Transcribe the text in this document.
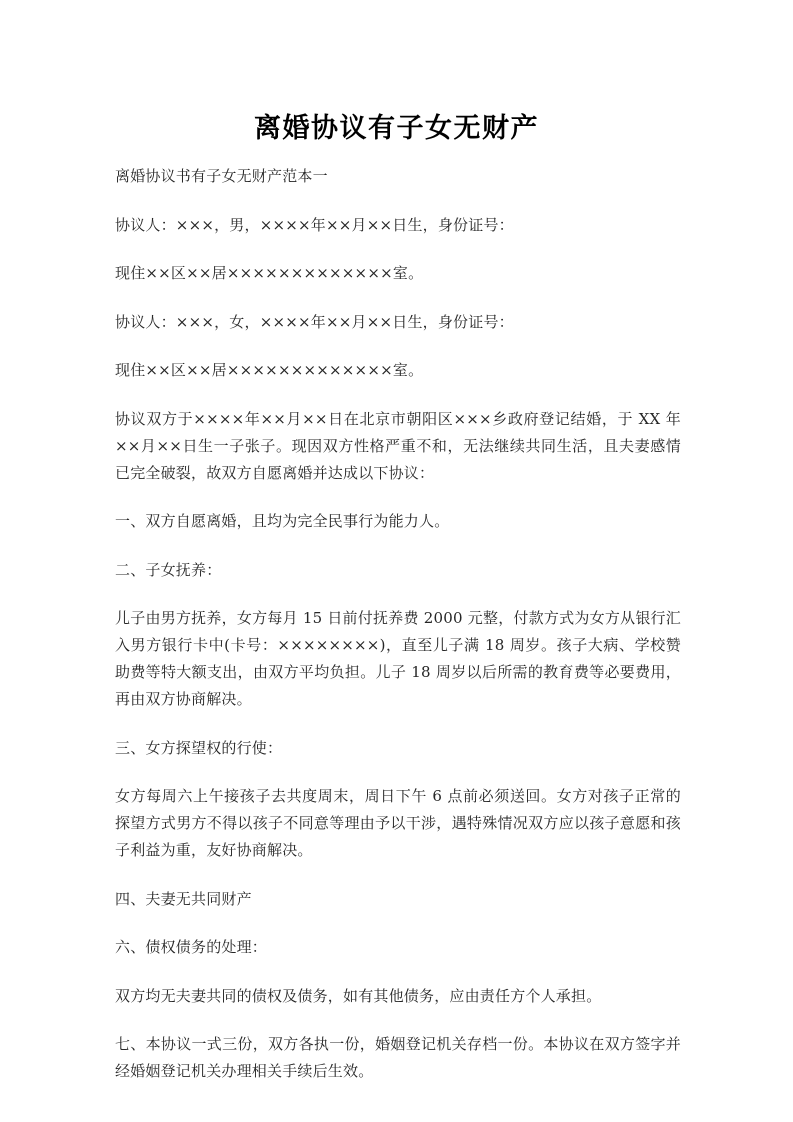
离婚协议有子女无财产

离婚协议书有子女无财产范本一

协议人：×××，男，××××年××月××日生，身份证号：

现住××区××居×××××××××××××室。

协议人：×××，女，××××年××月××日生，身份证号：

现住××区××居×××××××××××××室。

协议双方于××××年××月××日在北京市朝阳区×××乡政府登记结婚，于 XX 年××月××日生一子张子。现因双方性格严重不和，无法继续共同生活，且夫妻感情已完全破裂，故双方自愿离婚并达成以下协议：

一、双方自愿离婚，且均为完全民事行为能力人。

二、子女抚养：

儿子由男方抚养，女方每月 15 日前付抚养费 2000 元整，付款方式为女方从银行汇入男方银行卡中(卡号：××××××××)，直至儿子满 18 周岁。孩子大病、学校赞助费等特大额支出，由双方平均负担。儿子 18 周岁以后所需的教育费等必要费用，再由双方协商解决。

三、女方探望权的行使：

女方每周六上午接孩子去共度周末，周日下午 6 点前必须送回。女方对孩子正常的探望方式男方不得以孩子不同意等理由予以干涉，遇特殊情况双方应以孩子意愿和孩子利益为重，友好协商解决。

四、夫妻无共同财产

六、债权债务的处理：

双方均无夫妻共同的债权及债务，如有其他债务，应由责任方个人承担。

七、本协议一式三份，双方各执一份，婚姻登记机关存档一份。本协议在双方签字并经婚姻登记机关办理相关手续后生效。
